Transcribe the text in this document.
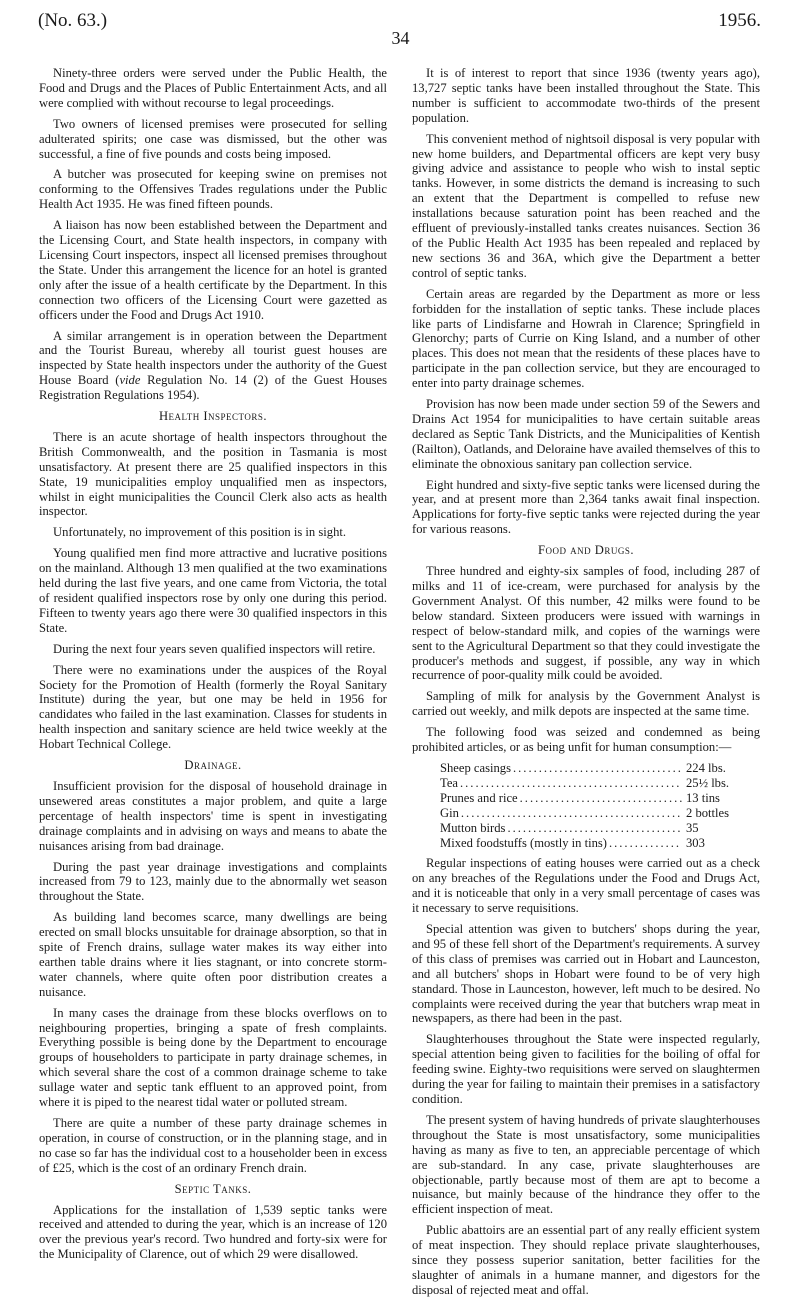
(No. 63.)	1956.
34

Ninety-three orders were served under the Public Health, the Food and Drugs and the Places of Public Entertainment Acts, and all were complied with without recourse to legal proceedings.

Two owners of licensed premises were prosecuted for selling adulterated spirits; one case was dismissed, but the other was successful, a fine of five pounds and costs being imposed.

A butcher was prosecuted for keeping swine on premises not conforming to the Offensives Trades regulations under the Public Health Act 1935. He was fined fifteen pounds.

A liaison has now been established between the Department and the Licensing Court, and State health inspectors, in company with Licensing Court inspectors, inspect all licensed premises throughout the State. Under this arrangement the licence for an hotel is granted only after the issue of a health certificate by the Department. In this connection two officers of the Licensing Court were gazetted as officers under the Food and Drugs Act 1910.

A similar arrangement is in operation between the Department and the Tourist Bureau, whereby all tourist guest houses are inspected by State health inspectors under the authority of the Guest House Board (vide Regulation No. 14 (2) of the Guest Houses Registration Regulations 1954).

Health Inspectors.

There is an acute shortage of health inspectors throughout the British Commonwealth, and the position in Tasmania is most unsatisfactory. At present there are 25 qualified inspectors in this State, 19 municipalities employ unqualified men as inspectors, whilst in eight municipalities the Council Clerk also acts as health inspector.

Unfortunately, no improvement of this position is in sight.

Young qualified men find more attractive and lucrative positions on the mainland. Although 13 men qualified at the two examinations held during the last five years, and one came from Victoria, the total of resident qualified inspectors rose by only one during this period. Fifteen to twenty years ago there were 30 qualified inspectors in this State.

During the next four years seven qualified inspectors will retire.

There were no examinations under the auspices of the Royal Society for the Promotion of Health (formerly the Royal Sanitary Institute) during the year, but one may be held in 1956 for candidates who failed in the last examination. Classes for students in health inspection and sanitary science are held twice weekly at the Hobart Technical College.

Drainage.

Insufficient provision for the disposal of household drainage in unsewered areas constitutes a major problem, and quite a large percentage of health inspectors' time is spent in investigating drainage complaints and in advising on ways and means to abate the nuisances arising from bad drainage.

During the past year drainage investigations and complaints increased from 79 to 123, mainly due to the abnormally wet season throughout the State.

As building land becomes scarce, many dwellings are being erected on small blocks unsuitable for drainage absorption, so that in spite of French drains, sullage water makes its way either into earthen table drains where it lies stagnant, or into concrete storm-water channels, where quite often poor distribution creates a nuisance.

In many cases the drainage from these blocks overflows on to neighbouring properties, bringing a spate of fresh complaints. Everything possible is being done by the Department to encourage groups of householders to participate in party drainage schemes, in which several share the cost of a common drainage scheme to take sullage water and septic tank effluent to an approved point, from where it is piped to the nearest tidal water or polluted stream.

There are quite a number of these party drainage schemes in operation, in course of construction, or in the planning stage, and in no case so far has the individual cost to a householder been in excess of £25, which is the cost of an ordinary French drain.

Septic Tanks.

Applications for the installation of 1,539 septic tanks were received and attended to during the year, which is an increase of 120 over the previous year's record. Two hundred and forty-six were for the Municipality of Clarence, out of which 29 were disallowed.

It is of interest to report that since 1936 (twenty years ago), 13,727 septic tanks have been installed throughout the State. This number is sufficient to accommodate two-thirds of the present population.

This convenient method of nightsoil disposal is very popular with new home builders, and Departmental officers are kept very busy giving advice and assistance to people who wish to instal septic tanks. However, in some districts the demand is increasing to such an extent that the Department is compelled to refuse new installations because saturation point has been reached and the effluent of previously-installed tanks creates nuisances. Section 36 of the Public Health Act 1935 has been repealed and replaced by new sections 36 and 36A, which give the Department a better control of septic tanks.

Certain areas are regarded by the Department as more or less forbidden for the installation of septic tanks. These include places like parts of Lindisfarne and Howrah in Clarence; Springfield in Glenorchy; parts of Currie on King Island, and a number of other places. This does not mean that the residents of these places have to participate in the pan collection service, but they are encouraged to enter into party drainage schemes.

Provision has now been made under section 59 of the Sewers and Drains Act 1954 for municipalities to have certain suitable areas declared as Septic Tank Districts, and the Municipalities of Kentish (Railton), Oatlands, and Deloraine have availed themselves of this to eliminate the obnoxious sanitary pan collection service.

Eight hundred and sixty-five septic tanks were licensed during the year, and at present more than 2,364 tanks await final inspection. Applications for forty-five septic tanks were rejected during the year for various reasons.

Food and Drugs.

Three hundred and eighty-six samples of food, including 287 of milks and 11 of ice-cream, were purchased for analysis by the Government Analyst. Of this number, 42 milks were found to be below standard. Sixteen producers were issued with warnings in respect of below-standard milk, and copies of the warnings were sent to the Agricultural Department so that they could investigate the producer's methods and suggest, if possible, any way in which recurrence of poor-quality milk could be avoided.

Sampling of milk for analysis by the Government Analyst is carried out weekly, and milk depots are inspected at the same time.

The following food was seized and condemned as being prohibited articles, or as being unfit for human consumption:—

Sheep casings .....	224 lbs.
Tea .....	25½ lbs.
Prunes and rice .....	13 tins
Gin .....	2 bottles
Mutton birds .....	35
Mixed foodstuffs (mostly in tins) .....	303

Regular inspections of eating houses were carried out as a check on any breaches of the Regulations under the Food and Drugs Act, and it is noticeable that only in a very small percentage of cases was it necessary to serve requisitions.

Special attention was given to butchers' shops during the year, and 95 of these fell short of the Department's requirements. A survey of this class of premises was carried out in Hobart and Launceston, and all butchers' shops in Hobart were found to be of very high standard. Those in Launceston, however, left much to be desired. No complaints were received during the year that butchers wrap meat in newspapers, as there had been in the past.

Slaughterhouses throughout the State were inspected regularly, special attention being given to facilities for the boiling of offal for feeding swine. Eighty-two requisitions were served on slaughtermen during the year for failing to maintain their premises in a satisfactory condition.

The present system of having hundreds of private slaughterhouses throughout the State is most unsatisfactory, some municipalities having as many as five to ten, an appreciable percentage of which are sub-standard. In any case, private slaughterhouses are objectionable, partly because most of them are apt to become a nuisance, but mainly because of the hindrance they offer to the efficient inspection of meat.

Public abattoirs are an essential part of any really efficient system of meat inspection. They should replace private slaughterhouses, since they possess superior sanitation, better facilities for the slaughter of animals in a humane manner, and digestors for the disposal of rejected meat and offal.
